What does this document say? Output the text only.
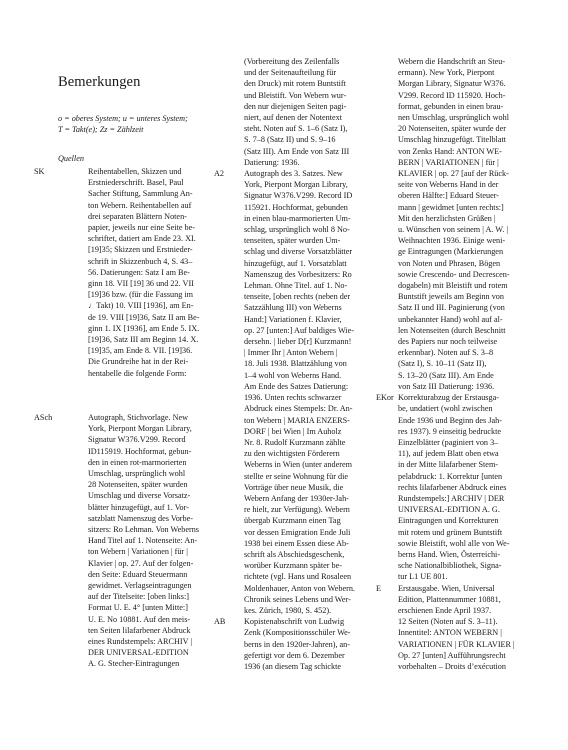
Bemerkungen
o = oberes System; u = unteres System;
T = Takt(e); Zz = Zählzeit
Quellen
SK	Reihentabellen, Skizzen und
Erstniederschrift. Basel, Paul
Sacher Stiftung, Sammlung An-
ton Webern. Reihentabellen auf
drei separaten Blättern Noten-
papier, jeweils nur eine Seite be-
schriftet, datiert am Ende 23. XI.
[19]35; Skizzen und Erstnieder-
schrift in Skizzenbuch 4, S. 43–
56. Datierungen: Satz I am Be-
ginn 18. VII [19] 36 und 22. VII
[19]36 bzw. (für die Fassung im
♩Takt) 10. VIII [1936], am En-
de 19. VIII [19]36, Satz II am Be-
ginn 1. IX [1936], am Ende 5. IX.
[19]36, Satz III am Beginn 14. X.
[19]35, am Ende 8. VII. [19]36.
Die Grundreihe hat in der Rei-
hentabelle die folgende Form:
ASch	Autograph, Stichvorlage. New
York, Pierpont Morgan Library,
Signatur W376.V299. Record
ID115919. Hochformat, gebun-
den in einen rot-marmorierten
Umschlag, ursprünglich wohl
28 Notenseiten, später wurden
Umschlag und diverse Vorsatz-
blätter hinzugefügt, auf 1. Vor-
satzblatt Namenszug des Vorbe-
sitzers: Ro Lehman. Von Weberns
Hand Titel auf 1. Notenseite: An-
ton Webern | Variationen | für |
Klavier | op. 27. Auf der folgen-
den Seite: Eduard Steuermann
gewidmet. Verlagseintragungen
auf der Titelseite: [oben links:]
Format U. E. 4° [unten Mitte:]
U. E. No 10881. Auf den meis-
ten Seiten lilafarbener Abdruck
eines Rundstempels: ARCHIV |
DER UNIVERSAL-EDITION
A. G. Stecher-Eintragungen
(Vorbereitung des Zeilenfalls
und der Seitenaufteilung für
den Druck) mit rotem Buntstift
und Bleistift. Von Webern wur-
den nur diejenigen Seiten pagi-
niert, auf denen der Notentext
steht. Noten auf S. 1–6 (Satz I),
S. 7–8 (Satz II) und S. 9–16
(Satz III). Am Ende von Satz III
Datierung: 1936.
A2 Autograph des 3. Satzes. New
York, Pierpont Morgan Library,
Signatur W376.V299. Record ID
115921. Hochformat, gebunden
in einen blau-marmorierten Um-
schlag, ursprünglich wohl 8 No-
tenseiten, später wurden Um-
schlag und diverse Vorsatzblätter
hinzugefügt, auf 1. Vorsatzblatt
Namenszug des Vorbesitzers: Ro
Lehman. Ohne Titel. auf 1. No-
tenseite, [oben rechts (neben der
Satzzählung III) von Weberns
Hand:] Variationen f. Klavier,
op. 27 [unten:] Auf baldiges Wie-
dersehn. | lieber D[r] Kurzmann!
| Immer Ihr | Anton Webern |
18. Juli 1938. Blattzählung von
1–4 wohl von Weberns Hand.
Am Ende des Satzes Datierung:
1936. Unten rechts schwarzer
Abdruck eines Stempels: Dr. An-
ton Webern | MARIA ENZERS-
DORF | bei Wien | Im Auholz
Nr. 8. Rudolf Kurzmann zählte
zu den wichtigsten Förderern
Weberns in Wien (unter anderem
stellte er seine Wohnung für die
Vorträge über neue Musik, die
Webern Anfang der 1930er-Jah-
re hielt, zur Verfügung). Webern
übergab Kurzmann einen Tag
vor dessen Emigration Ende Juli
1938 bei einem Essen diese Ab-
schrift als Abschiedsgeschenk,
worüber Kurzmann später be-
richtete (vgl. Hans und Rosaleen
Moldenhauer, Anton von Webern.
Chronik seines Lebens und Wer-
kes. Zürich, 1980, S. 452).
AB Kopistenabschrift von Ludwig
Zenk (Kompositionsschüler We-
berns in den 1920er-Jahren), an-
gefertigt vor dem 6. Dezember
1936 (an diesem Tag schickte
Webern die Handschrift an Steu-
ermann). New York, Pierpont
Morgan Library, Signatur W376.
V299. Record ID 115920. Hoch-
format, gebunden in einen brau-
nen Umschlag, ursprünglich wohl
20 Notenseiten, später wurde der
Umschlag hinzugefügt. Titelblatt
von Zenks Hand: ANTON WE-
BERN | VARIATIONEN | für |
KLAVIER | op. 27 [auf der Rück-
seite von Weberns Hand in der
oberen Hälfte:] Eduard Steuer-
mann | gewidmet [unten rechts:]
Mit den herzlichsten Grüßen |
u. Wünschen von seinem | A. W. |
Weihnachten 1936. Einige weni-
ge Eintragungen (Markierungen
von Noten und Phrasen, Bögen
sowie Crescendo- und Decrescen-
dogabeln) mit Bleistift und rotem
Buntstift jeweils am Beginn von
Satz II und III. Paginierung (von
unbekannter Hand) wohl auf al-
len Notenseiten (durch Beschnitt
des Papiers nur noch teilweise
erkennbar). Noten auf S. 3–8
(Satz I), S. 10–11 (Satz II),
S. 13–20 (Satz III). Am Ende
von Satz III Datierung: 1936.
EKor Korrekturabzug der Erstausga-
be, undatiert (wohl zwischen
Ende 1936 und Beginn des Jah-
res 1937). 9 einseitig bedruckte
Einzelblätter (paginiert von 3–
11), auf jedem Blatt oben etwa
in der Mitte lilafarbener Stem-
pelabdruck: 1. Korrektur [unten
rechts lilafarbener Abdruck eines
Rundstempels:] ARCHIV | DER
UNIVERSAL-EDITION A. G.
Eintragungen und Korrekturen
mit rotem und grünem Buntstift
sowie Bleistift, wohl alle von We-
berns Hand. Wien, Österreichi-
sche Nationalbibliothek, Signa-
tur L1 UE 801.
E Erstausgabe. Wien, Universal
Edition, Plattennummer 10881,
erschienen Ende April 1937.
12 Seiten (Noten auf S. 3–11).
Innentitel: ANTON WEBERN |
VARIATIONEN | FÜR KLAVIER |
Op. 27 [unten] Aufführungsrecht
vorbehalten – Droits d’exécution
